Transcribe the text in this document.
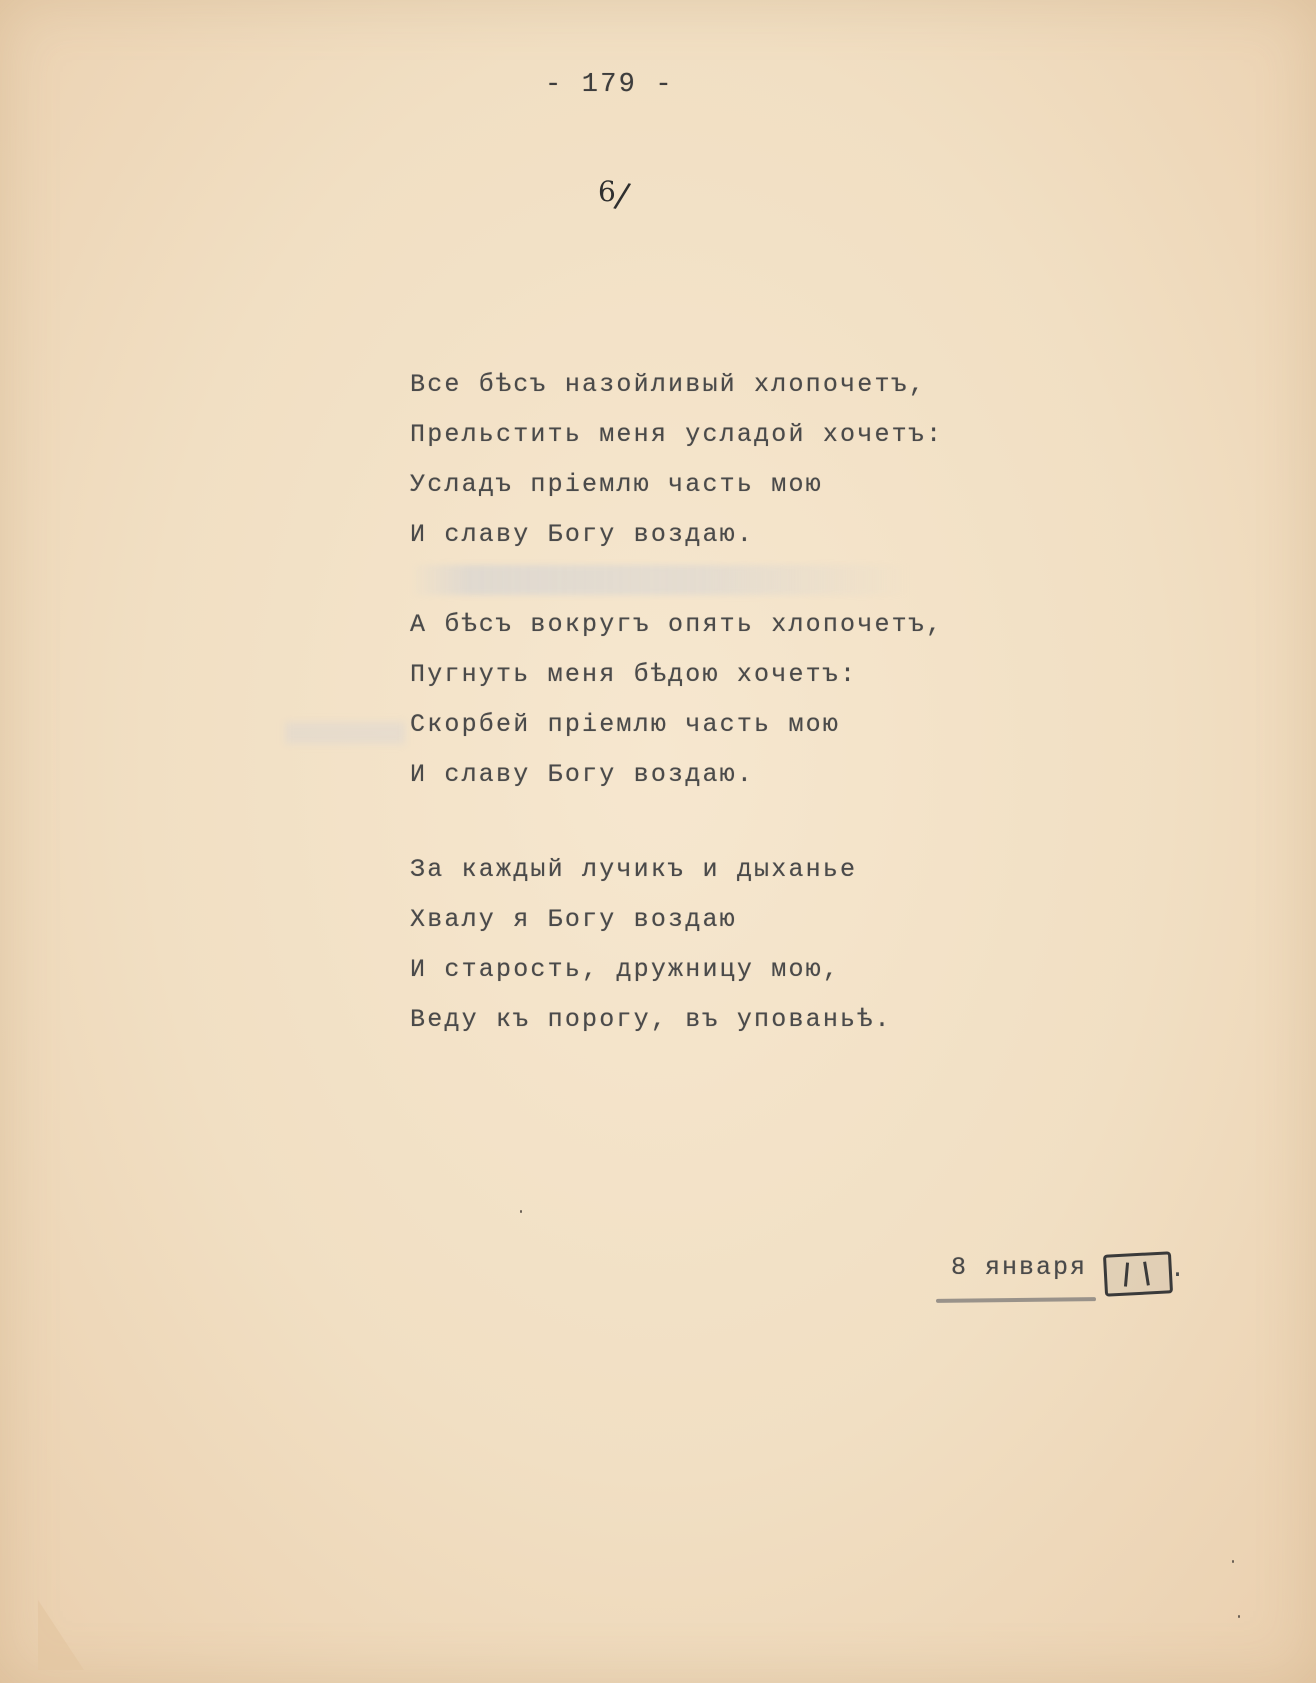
- 179 -
6/
Все бѣсъ назойливый хлопочетъ,
Прельстить меня усладой хочетъ:
Усладъ пріемлю часть мою
И славу Богу воздаю.
А бѣсъ вокругъ опять хлопочетъ,
Пугнуть меня бѣдою хочетъ:
Скорбей пріемлю часть мою
И славу Богу воздаю.
За каждый лучикъ и дыханье
Хвалу я Богу воздаю
И старость, дружницу мою,
Веду къ порогу, въ упованьѣ.
8 января	.
